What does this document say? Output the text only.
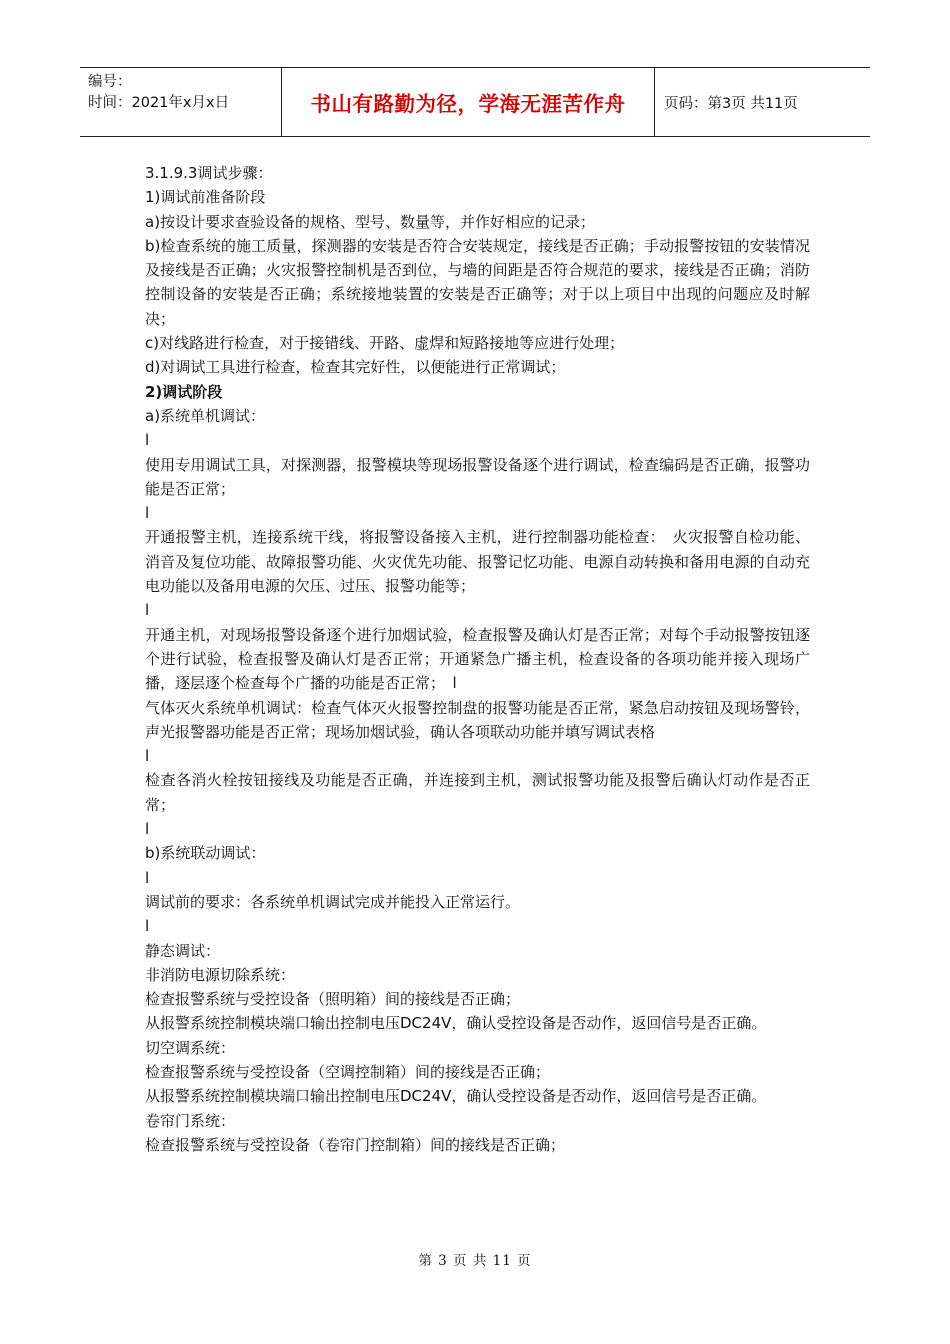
编号：
时间：2021年x月x日	书山有路勤为径，学海无涯苦作舟	页码：第3页 共11页

3.1.9.3调试步骤：

1)调试前准备阶段

a)按设计要求查验设备的规格、型号、数量等，并作好相应的记录；

b)检查系统的施工质量，探测器的安装是否符合安装规定，接线是否正确；手动报警按钮的安装情况及接线是否正确；火灾报警控制机是否到位，与墙的间距是否符合规范的要求，接线是否正确；消防控制设备的安装是否正确；系统接地装置的安装是否正确等；对于以上项目中出现的问题应及时解决；

c)对线路进行检查，对于接错线、开路、虚焊和短路接地等应进行处理；

d)对调试工具进行检查，检查其完好性，以便能进行正常调试；

2)调试阶段

a)系统单机调试：

l

使用专用调试工具，对探测器，报警模块等现场报警设备逐个进行调试，检查编码是否正确，报警功能是否正常；

l

开通报警主机，连接系统干线，将报警设备接入主机，进行控制器功能检查：　火灾报警自检功能、消音及复位功能、故障报警功能、火灾优先功能、报警记忆功能、电源自动转换和备用电源的自动充电功能以及备用电源的欠压、过压、报警功能等；

l

开通主机，对现场报警设备逐个进行加烟试验，检查报警及确认灯是否正常；对每个手动报警按钮逐个进行试验，检查报警及确认灯是否正常；开通紧急广播主机，检查设备的各项功能并接入现场广播，逐层逐个检查每个广播的功能是否正常；　l

气体灭火系统单机调试：检查气体灭火报警控制盘的报警功能是否正常，紧急启动按钮及现场警铃，声光报警器功能是否正常；现场加烟试验，确认各项联动功能并填写调试表格

l

检查各消火栓按钮接线及功能是否正确，并连接到主机，测试报警功能及报警后确认灯动作是否正常；

l

b)系统联动调试：

l

调试前的要求：各系统单机调试完成并能投入正常运行。

l

静态调试：

非消防电源切除系统：

检查报警系统与受控设备（照明箱）间的接线是否正确；

从报警系统控制模块端口输出控制电压DC24V，确认受控设备是否动作，返回信号是否正确。

切空调系统：

检查报警系统与受控设备（空调控制箱）间的接线是否正确；

从报警系统控制模块端口输出控制电压DC24V，确认受控设备是否动作，返回信号是否正确。

卷帘门系统：

检查报警系统与受控设备（卷帘门控制箱）间的接线是否正确；

第 3 页 共 11 页
